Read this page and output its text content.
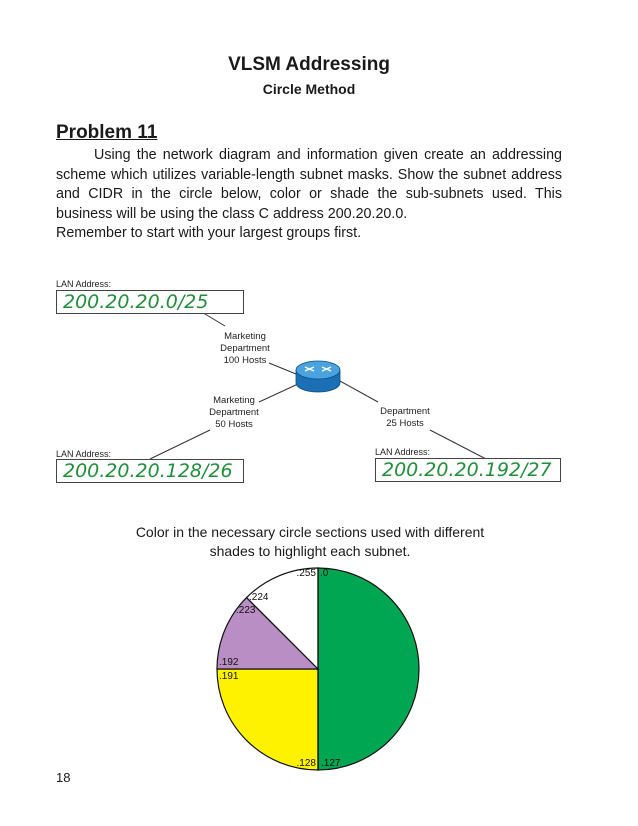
VLSM Addressing
Circle Method
Problem 11
Using the network diagram and information given create an addressing scheme which utilizes variable-length subnet masks. Show the subnet address and CIDR in the circle below, color or shade the sub-subnets used. This business will be using the class C address 200.20.20.0.
Remember to start with your largest groups first.
LAN Address:
200.20.20.0/25
Marketing
Department
100 Hosts
Marketing
Department
50 Hosts
Department
25 Hosts
LAN Address:
200.20.20.128/26
LAN Address:
200.20.20.192/27
Color in the necessary circle sections used with different
shades to highlight each subnet.
.0
.255
.224
.223
.192
.191
.128 .127
18
